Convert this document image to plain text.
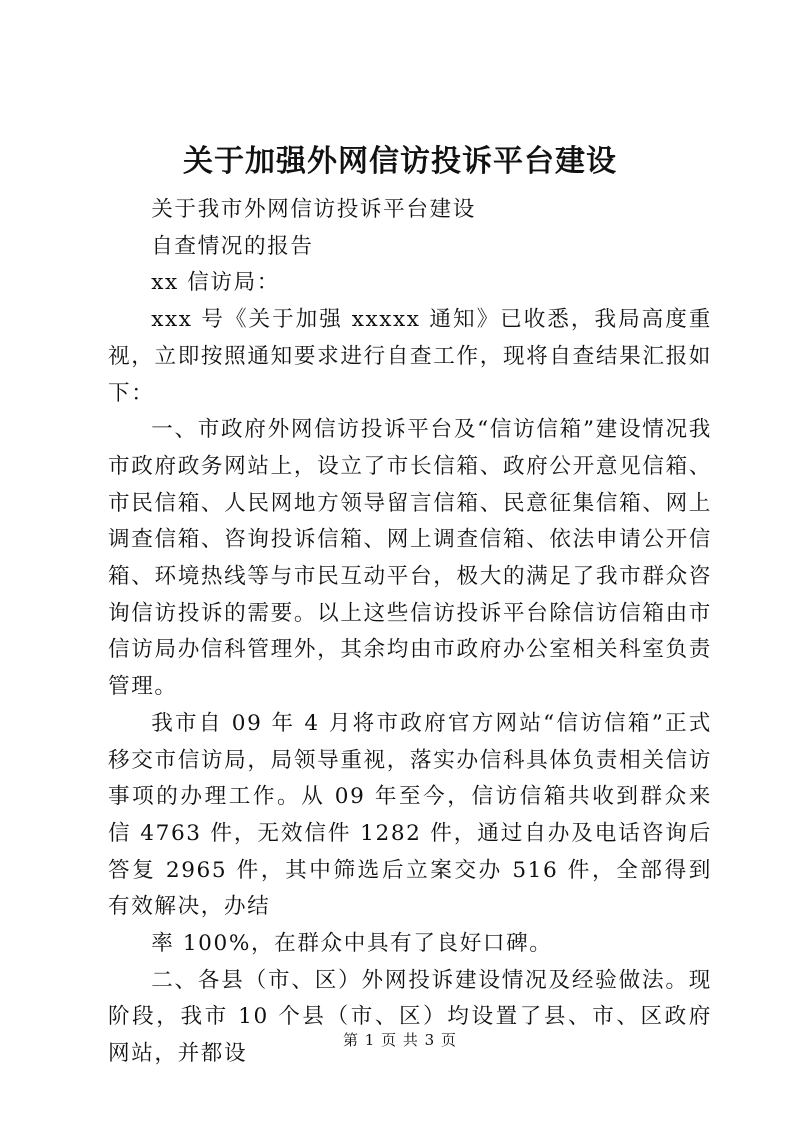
关于加强外网信访投诉平台建设

关于我市外网信访投诉平台建设

自查情况的报告

xx 信访局：

xxx 号《关于加强 xxxxx 通知》已收悉，我局高度重视，立即按照通知要求进行自查工作，现将自查结果汇报如下：

一、市政府外网信访投诉平台及“信访信箱”建设情况我市政府政务网站上，设立了市长信箱、政府公开意见信箱、市民信箱、人民网地方领导留言信箱、民意征集信箱、网上调查信箱、咨询投诉信箱、网上调查信箱、依法申请公开信箱、环境热线等与市民互动平台，极大的满足了我市群众咨询信访投诉的需要。以上这些信访投诉平台除信访信箱由市信访局办信科管理外，其余均由市政府办公室相关科室负责管理。

我市自 09 年 4 月将市政府官方网站“信访信箱”正式移交市信访局，局领导重视，落实办信科具体负责相关信访事项的办理工作。从 09 年至今，信访信箱共收到群众来信 4763 件，无效信件 1282 件，通过自办及电话咨询后答复 2965 件，其中筛选后立案交办 516 件，全部得到有效解决，办结

率 100%，在群众中具有了良好口碑。

二、各县（市、区）外网投诉建设情况及经验做法。现阶段，我市 10 个县（市、区）均设置了县、市、区政府网站，并都设

第 1 页 共 3 页
